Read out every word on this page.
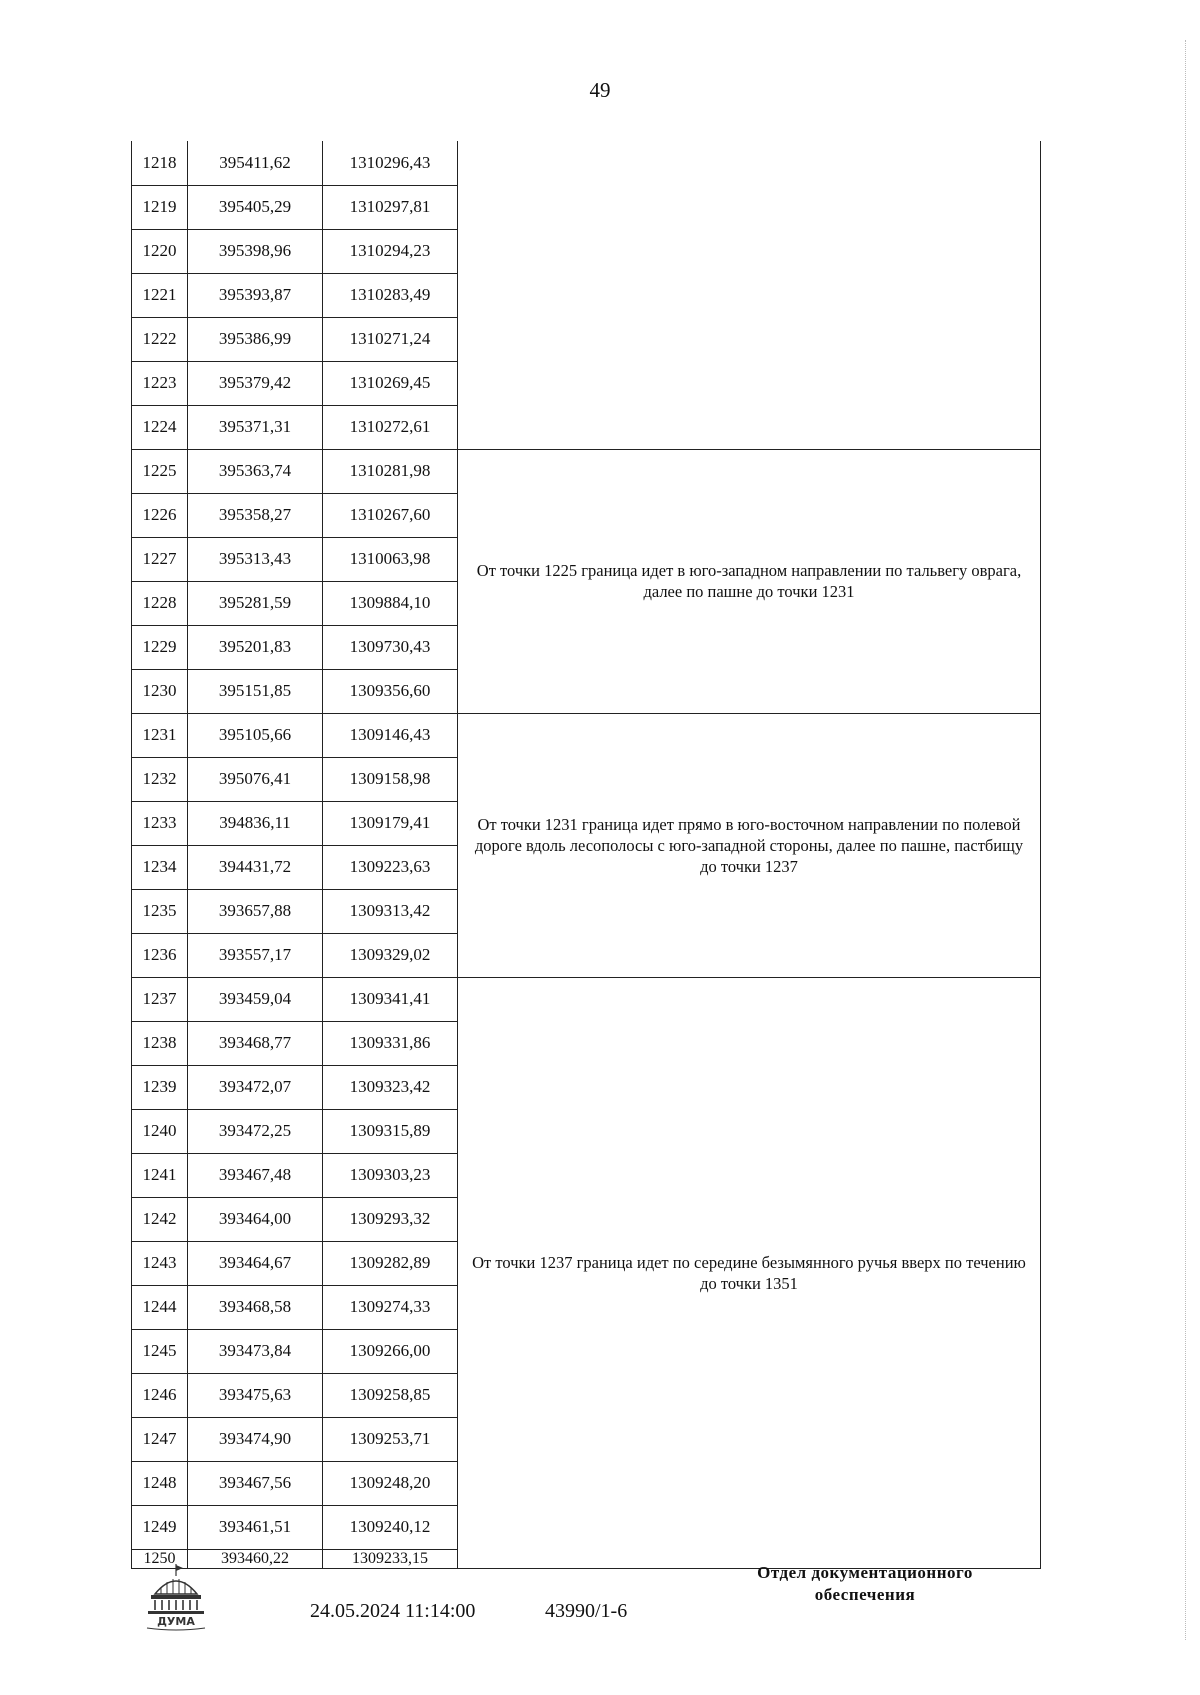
49
1218	395411,62	1310296,43	
1219	395405,29	1310297,81	
1220	395398,96	1310294,23	
1221	395393,87	1310283,49	
1222	395386,99	1310271,24	
1223	395379,42	1310269,45	
1224	395371,31	1310272,61	
1225	395363,74	1310281,98	От точки 1225 граница идет в юго-западном направлении по тальвегу оврага, далее по пашне до точки 1231
1226	395358,27	1310267,60	
1227	395313,43	1310063,98	
1228	395281,59	1309884,10	
1229	395201,83	1309730,43	
1230	395151,85	1309356,60	
1231	395105,66	1309146,43	От точки 1231 граница идет прямо в юго-восточном направлении по полевой дороге вдоль лесополосы с юго-западной стороны, далее по пашне, пастбищу до точки 1237
1232	395076,41	1309158,98	
1233	394836,11	1309179,41	
1234	394431,72	1309223,63	
1235	393657,88	1309313,42	
1236	393557,17	1309329,02	
1237	393459,04	1309341,41	От точки 1237 граница идет по середине безымянного ручья вверх по течению до точки 1351
1238	393468,77	1309331,86	
1239	393472,07	1309323,42	
1240	393472,25	1309315,89	
1241	393467,48	1309303,23	
1242	393464,00	1309293,32	
1243	393464,67	1309282,89	
1244	393468,58	1309274,33	
1245	393473,84	1309266,00	
1246	393475,63	1309258,85	
1247	393474,90	1309253,71	
1248	393467,56	1309248,20	
1249	393461,51	1309240,12	
1250	393460,22	1309233,15	
ДУМА	24.05.2024 11:14:00	43990/1-6
Отдел документационного
обеспечения
